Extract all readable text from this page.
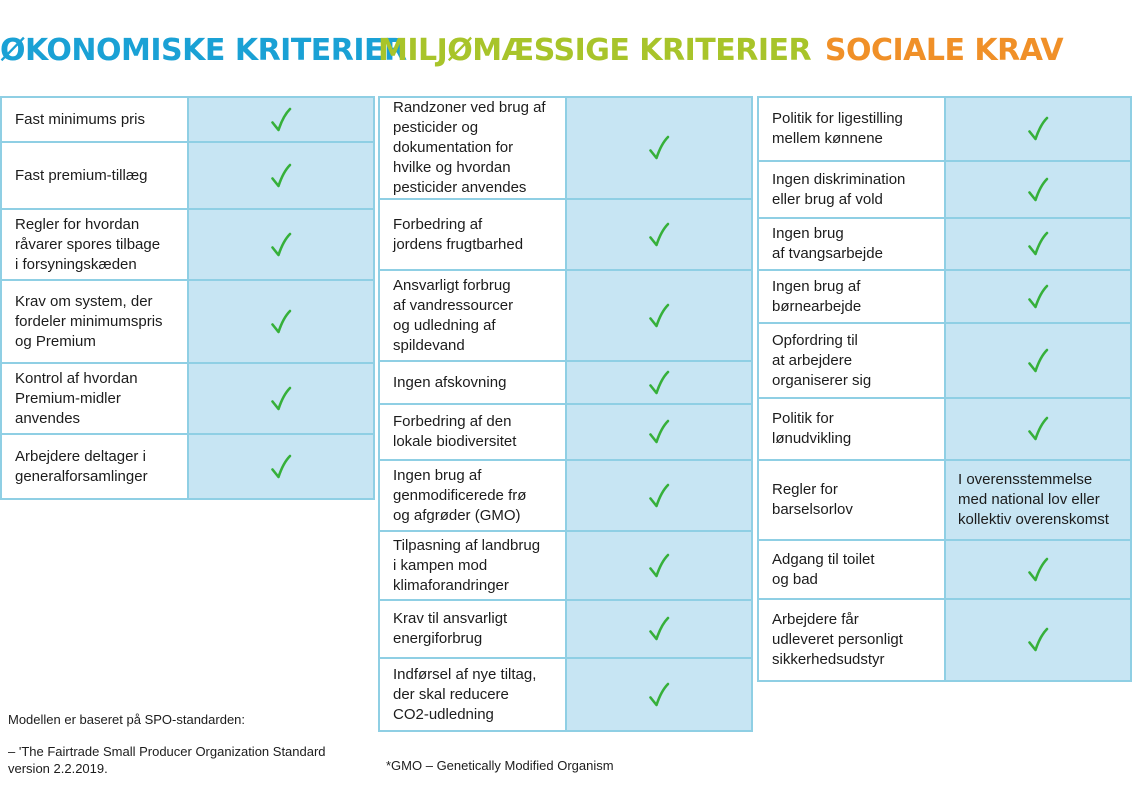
ØKONOMISKE KRITERIER
MILJØMÆSSIGE KRITERIER SOCIALE KRAV
Fast minimums pris
Fast premium-tillæg
Regler for hvordan
råvarer spores tilbage
i forsyningskæden
Krav om system, der
fordeler minimumspris
og Premium
Kontrol af hvordan
Premium-midler
anvendes
Arbejdere deltager i
generalforsamlinger
Randzoner ved brug af
pesticider og
dokumentation for
hvilke og hvordan
pesticider anvendes
Forbedring af
jordens frugtbarhed
Ansvarligt forbrug
af vandressourcer
og udledning af
spildevand
Ingen afskovning
Forbedring af den
lokale biodiversitet
Ingen brug af
genmodificerede frø
og afgrøder (GMO)
Tilpasning af landbrug
i kampen mod
klimaforandringer
Krav til ansvarligt
energiforbrug
Indførsel af nye tiltag,
der skal reducere
CO2-udledning
Politik for ligestilling
mellem kønnene
Ingen diskrimination
eller brug af vold
Ingen brug
af tvangsarbejde
Ingen brug af
børnearbejde
Opfordring til
at arbejdere
organiserer sig
Politik for
lønudvikling
Regler for
barselsorlov
I overensstemmelse
med national lov eller
kollektiv overenskomst
Adgang til toilet
og bad
Arbejdere får
udleveret personligt
sikkerhedsudstyr
Modellen er baseret på SPO-standarden:
– 'The Fairtrade Small Producer Organization Standard
version 2.2.2019.	*GMO – Genetically Modified Organism
